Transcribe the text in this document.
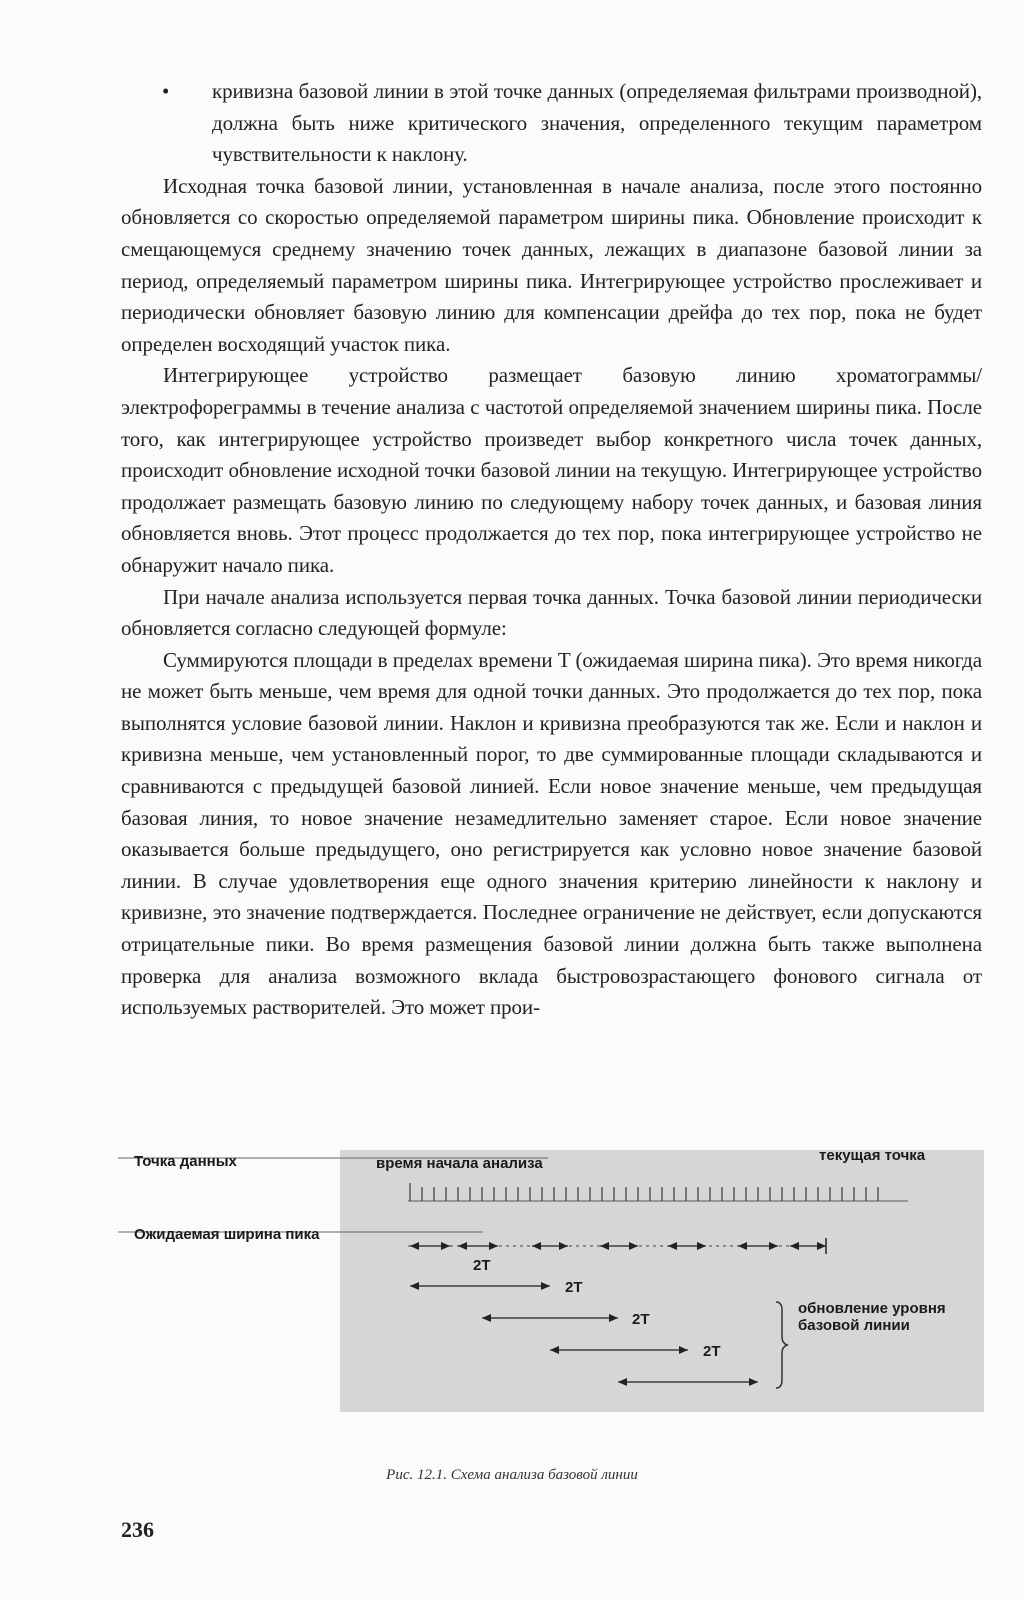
• кривизна базовой линии в этой точке данных (определяемая фильтрами производной), должна быть ниже критического значения, определенного текущим параметром чувствительности к наклону.

Исходная точка базовой линии, установленная в начале анализа, после этого постоянно обновляется со скоростью определяемой параметром ширины пика. Обновление происходит к смещающемуся среднему значению точек данных, лежащих в диапазоне базовой линии за период, определяемый параметром ширины пика. Интегрирующее устройство прослеживает и периодически обновляет базовую линию для компенсации дрейфа до тех пор, пока не будет определен восходящий участок пика.

Интегрирующее устройство размещает базовую линию хроматограммы/ электрофореграммы в течение анализа с частотой определяемой значением ширины пика. После того, как интегрирующее устройство произведет выбор конкретного числа точек данных, происходит обновление исходной точки базовой линии на текущую. Интегрирующее устройство продолжает размещать базовую линию по следующему набору точек данных, и базовая линия обновляется вновь. Этот процесс продолжается до тех пор, пока интегрирующее устройство не обнаружит начало пика.

При начале анализа используется первая точка данных. Точка базовой линии периодически обновляется согласно следующей формуле:

Суммируются площади в пределах времени T (ожидаемая ширина пика). Это время никогда не может быть меньше, чем время для одной точки данных. Это продолжается до тех пор, пока выполнятся условие базовой линии. Наклон и кривизна преобразуются так же. Если и наклон и кривизна меньше, чем установленный порог, то две суммированные площади складываются и сравниваются с предыдущей базовой линией. Если новое значение меньше, чем предыдущая базовая линия, то новое значение незамедлительно заменяет старое. Если новое значение оказывается больше предыдущего, оно регистрируется как условно новое значение базовой линии. В случае удовлетворения еще одного значения критерию линейности к наклону и кривизне, это значение подтверждается. Последнее ограничение не действует, если допускаются отрицательные пики. Во время размещения базовой линии должна быть также выполнена проверка для анализа возможного вклада быстровозрастающего фонового сигнала от используемых растворителей. Это может прои-

Точка данных	время начала анализа	текущая точка
Ожидаемая ширина пика
2T
2T
2T
2T
обновление уровня базовой линии
Рис. 12.1. Схема анализа базовой линии
236
